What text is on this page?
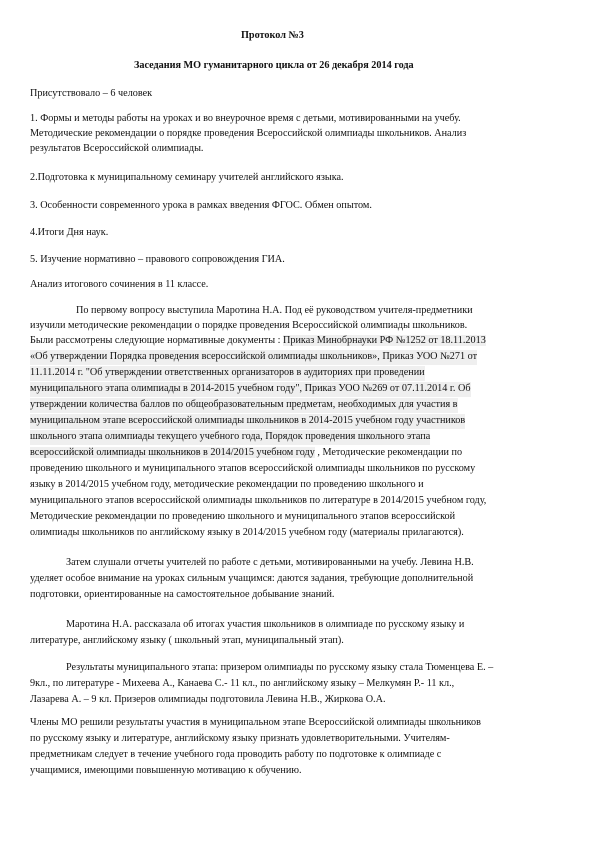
Протокол №3

Заседания МО гуманитарного цикла от 26 декабря 2014 года

Присутствовало – 6 человек

1. Формы и методы работы на уроках и во внеурочное время с детьми, мотивированными на учебу.

Методические рекомендации о порядке проведения Всероссийской олимпиады школьников. Анализ

результатов Всероссийской олимпиады.

2.Подготовка к муниципальному семинару учителей английского языка.

3. Особенности современного урока в рамках введения ФГОС. Обмен опытом.

4.Итоги Дня наук.

5. Изучение нормативно – правового сопровождения ГИА.

Анализ итогового сочинения в 11 классе.

По первому вопросу выступила Маротина Н.А. Под её руководством учителя-предметники

изучили методические рекомендации о порядке проведения Всероссийской олимпиады школьников.

Были рассмотрены следующие нормативные документы : Приказ Минобрнауки РФ №1252 от 18.11.2013

«Об утверждении Порядка проведения всероссийской олимпиады школьников», Приказ УОО №271 от

11.11.2014 г. "Об утверждении ответственных организаторов в аудиториях при проведении

муниципального этапа олимпиады в 2014-2015 учебном году", Приказ УОО №269 от 07.11.2014 г. Об

утверждении количества баллов по общеобразовательным предметам, необходимых для участия в

муниципальном этапе всероссийской олимпиады школьников в 2014-2015 учебном году участников

школьного этапа олимпиады текущего учебного года, Порядок проведения школьного этапа

всероссийской олимпиады школьников в 2014/2015 учебном году , Методические рекомендации по

проведению школьного и муниципального этапов всероссийской олимпиады школьников по русскому

языку в 2014/2015 учебном году, методические рекомендации по проведению школьного и

муниципального этапов всероссийской олимпиады школьников по литературе в 2014/2015 учебном году,

Методические рекомендации по проведению школьного и муниципального этапов всероссийской

олимпиады школьников по английскому языку в 2014/2015 учебном году (материалы прилагаются).

Затем слушали отчеты учителей по работе с детьми, мотивированными на учебу. Левина Н.В.

уделяет особое внимание на уроках сильным учащимся: даются задания, требующие дополнительной

подготовки, ориентированные на самостоятельное добывание знаний.

Маротина Н.А. рассказала об итогах участия школьников в олимпиаде по русскому языку и

литературе, английскому языку ( школьный этап, муниципальный этап).

Результаты муниципального этапа: призером олимпиады по русскому языку стала Тюменцева Е. –

9кл., по литературе - Михеева А., Канаева С.- 11 кл., по английскому языку – Мелкумян Р.- 11 кл.,

Лазарева А. – 9 кл. Призеров олимпиады подготовила Левина Н.В., Жиркова О.А.

Члены МО решили результаты участия в муниципальном этапе Всероссийской олимпиады школьников

по русскому языку и литературе, английскому языку признать удовлетворительными. Учителям-

предметникам следует в течение учебного года проводить работу по подготовке к олимпиаде с

учащимися, имеющими повышенную мотивацию к обучению.
